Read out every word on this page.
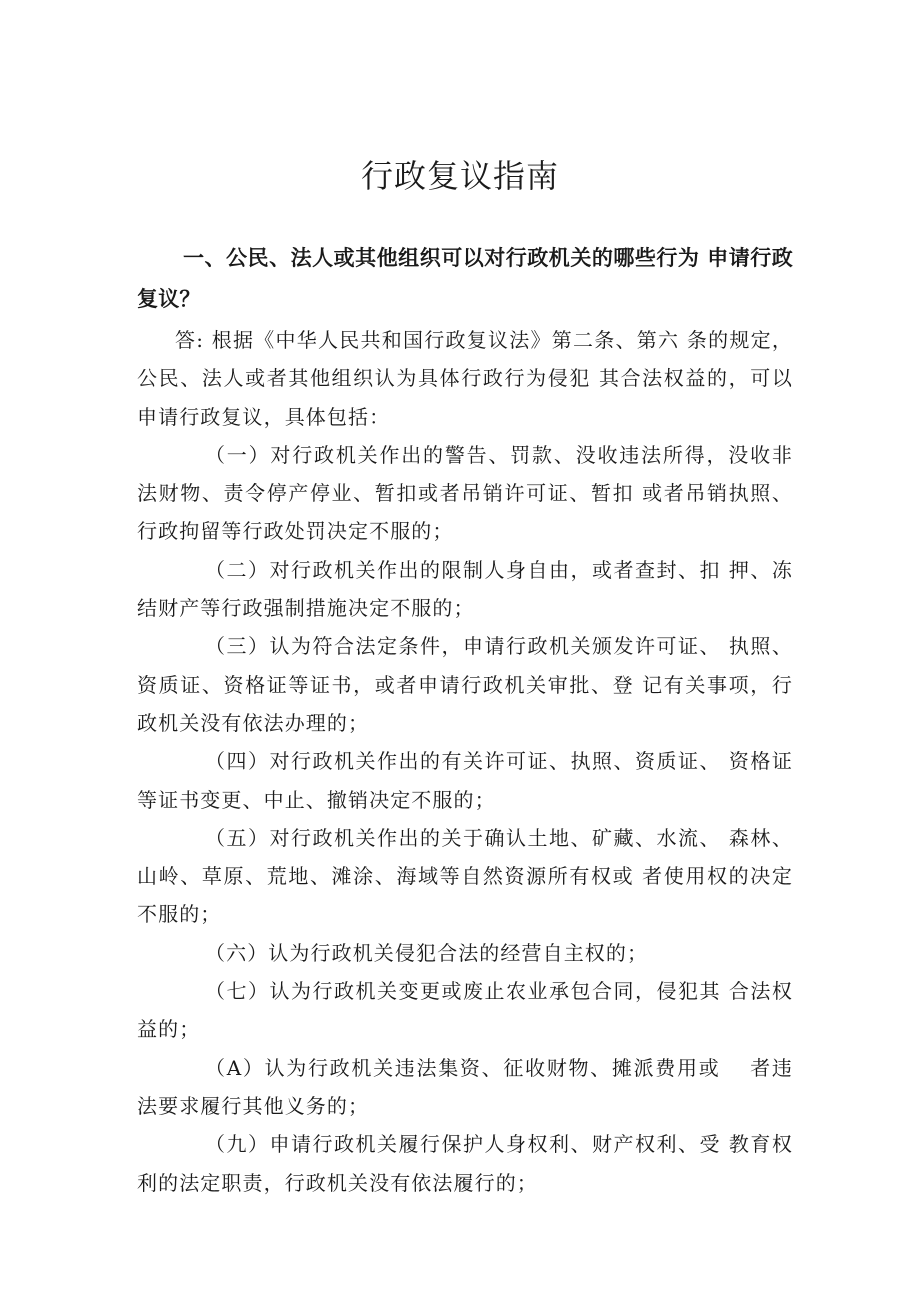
行政复议指南

一、公民、法人或其他组织可以对行政机关的哪些行为 申请行政复议？

答: 根据《中华人民共和国行政复议法》第二条、第六 条的规定，公民、法人或者其他组织认为具体行政行为侵犯 其合法权益的，可以申请行政复议，具体包括：

（一）对行政机关作出的警告、罚款、没收违法所得，没收非法财物、责令停产停业、暂扣或者吊销许可证、暂扣 或者吊销执照、行政拘留等行政处罚决定不服的；

（二）对行政机关作出的限制人身自由，或者查封、扣 押、冻结财产等行政强制措施决定不服的；

（三）认为符合法定条件，申请行政机关颁发许可证、 执照、资质证、资格证等证书，或者申请行政机关审批、登 记有关事项，行政机关没有依法办理的；

（四）对行政机关作出的有关许可证、执照、资质证、 资格证等证书变更、中止、撤销决定不服的；

（五）对行政机关作出的关于确认土地、矿藏、水流、 森林、山岭、草原、荒地、滩涂、海域等自然资源所有权或 者使用权的决定不服的；

（六）认为行政机关侵犯合法的经营自主权的；

（七）认为行政机关变更或废止农业承包合同，侵犯其 合法权益的；

（A）认为行政机关违法集资、征收财物、摊派费用或　 者违法要求履行其他义务的；

（九）申请行政机关履行保护人身权利、财产权利、受 教育权利的法定职责，行政机关没有依法履行的；
